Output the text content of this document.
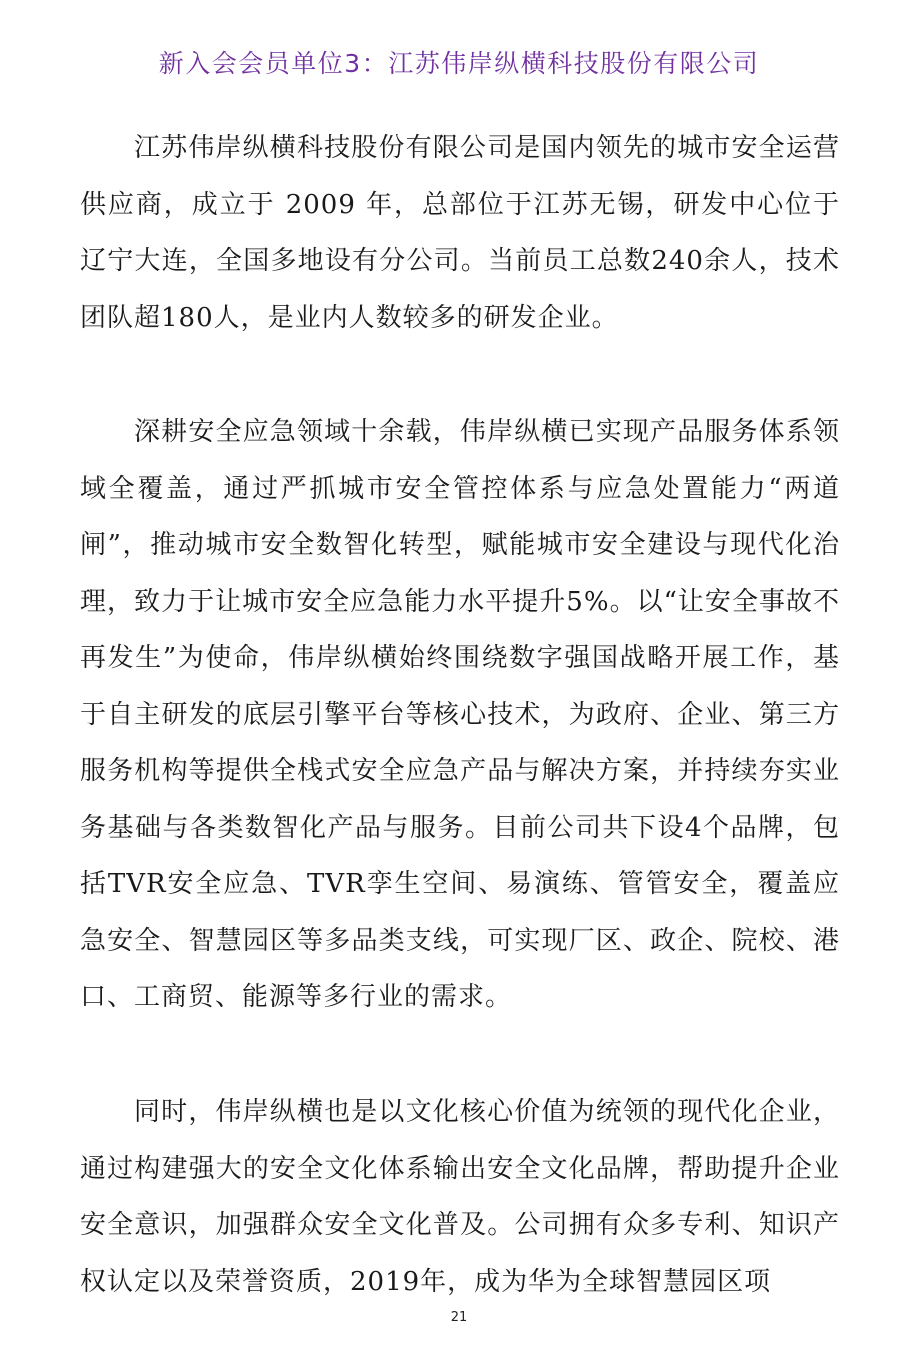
新入会会员单位3：江苏伟岸纵横科技股份有限公司

江苏伟岸纵横科技股份有限公司是国内领先的城市安全运营供应商，成立于 2009 年，总部位于江苏无锡，研发中心位于辽宁大连，全国多地设有分公司。当前员工总数240余人，技术团队超180人，是业内人数较多的研发企业。

深耕安全应急领域十余载，伟岸纵横已实现产品服务体系领域全覆盖，通过严抓城市安全管控体系与应急处置能力“两道闸”，推动城市安全数智化转型，赋能城市安全建设与现代化治理，致力于让城市安全应急能力水平提升5%。以“让安全事故不再发生”为使命，伟岸纵横始终围绕数字强国战略开展工作，基于自主研发的底层引擎平台等核心技术，为政府、企业、第三方服务机构等提供全栈式安全应急产品与解决方案，并持续夯实业务基础与各类数智化产品与服务。目前公司共下设4个品牌，包括TVR安全应急、TVR孪生空间、易演练、管管安全，覆盖应急安全、智慧园区等多品类支线，可实现厂区、政企、院校、港口、工商贸、能源等多行业的需求。

同时，伟岸纵横也是以文化核心价值为统领的现代化企业，通过构建强大的安全文化体系输出安全文化品牌，帮助提升企业安全意识，加强群众安全文化普及。公司拥有众多专利、知识产权认定以及荣誉资质，2019年，成为华为全球智慧园区项

21
